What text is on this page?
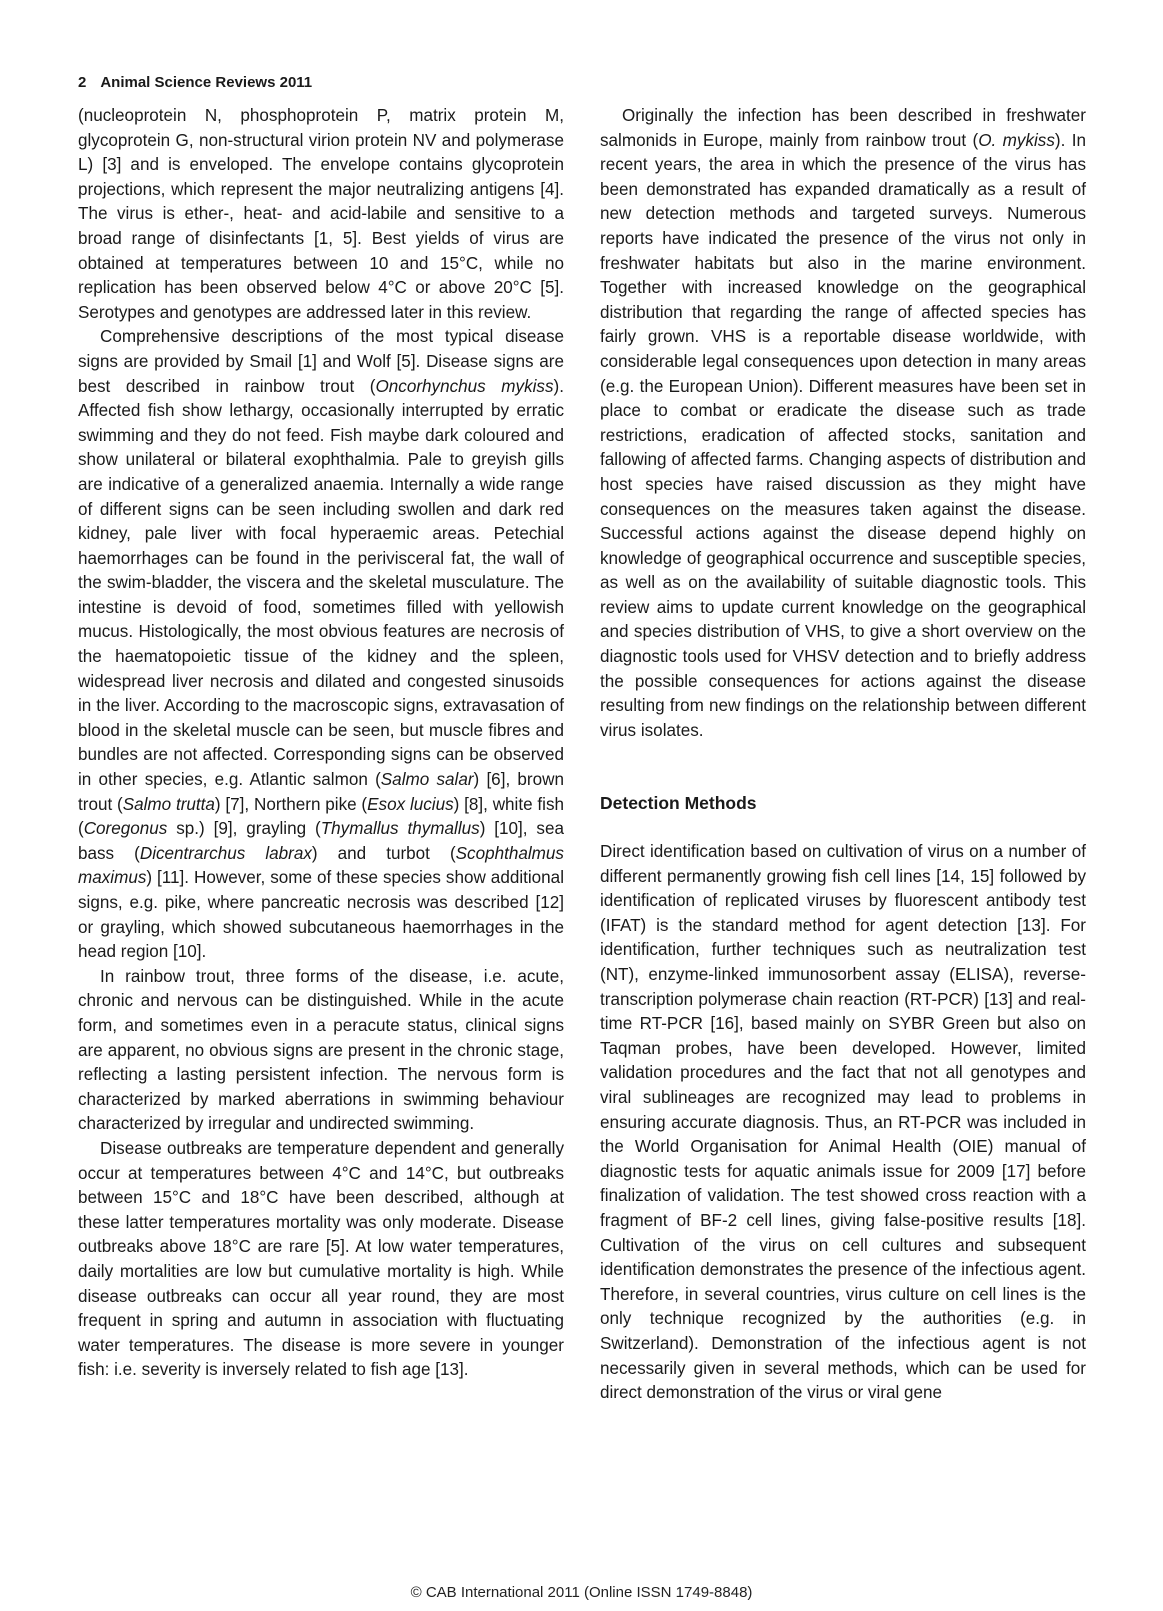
2 Animal Science Reviews 2011

(nucleoprotein N, phosphoprotein P, matrix protein M, glycoprotein G, non-structural virion protein NV and polymerase L) [3] and is enveloped. The envelope contains glycoprotein projections, which represent the major neutralizing antigens [4]. The virus is ether-, heat- and acid-labile and sensitive to a broad range of disinfectants [1, 5]. Best yields of virus are obtained at temperatures between 10 and 15°C, while no replication has been observed below 4°C or above 20°C [5]. Serotypes and genotypes are addressed later in this review.

Comprehensive descriptions of the most typical disease signs are provided by Smail [1] and Wolf [5]. Disease signs are best described in rainbow trout (Oncorhynchus mykiss). Affected fish show lethargy, occasionally interrupted by erratic swimming and they do not feed. Fish maybe dark coloured and show unilateral or bilateral exophthalmia. Pale to greyish gills are indicative of a generalized anaemia. Internally a wide range of different signs can be seen including swollen and dark red kidney, pale liver with focal hyperaemic areas. Petechial haemorrhages can be found in the perivisceral fat, the wall of the swim-bladder, the viscera and the skeletal musculature. The intestine is devoid of food, sometimes filled with yellowish mucus. Histologically, the most obvious features are necrosis of the haematopoietic tissue of the kidney and the spleen, widespread liver necrosis and dilated and congested sinusoids in the liver. According to the macroscopic signs, extravasation of blood in the skeletal muscle can be seen, but muscle fibres and bundles are not affected. Corresponding signs can be observed in other species, e.g. Atlantic salmon (Salmo salar) [6], brown trout (Salmo trutta) [7], Northern pike (Esox lucius) [8], white fish (Coregonus sp.) [9], grayling (Thymallus thymallus) [10], sea bass (Dicentrarchus labrax) and turbot (Scophthalmus maximus) [11]. However, some of these species show additional signs, e.g. pike, where pancreatic necrosis was described [12] or grayling, which showed subcutaneous haemorrhages in the head region [10].

In rainbow trout, three forms of the disease, i.e. acute, chronic and nervous can be distinguished. While in the acute form, and sometimes even in a peracute status, clinical signs are apparent, no obvious signs are present in the chronic stage, reflecting a lasting persistent infection. The nervous form is characterized by marked aberrations in swimming behaviour characterized by irregular and undirected swimming.

Disease outbreaks are temperature dependent and generally occur at temperatures between 4°C and 14°C, but outbreaks between 15°C and 18°C have been described, although at these latter temperatures mortality was only moderate. Disease outbreaks above 18°C are rare [5]. At low water temperatures, daily mortalities are low but cumulative mortality is high. While disease outbreaks can occur all year round, they are most frequent in spring and autumn in association with fluctuating water temperatures. The disease is more severe in younger fish: i.e. severity is inversely related to fish age [13].

Originally the infection has been described in freshwater salmonids in Europe, mainly from rainbow trout (O. mykiss). In recent years, the area in which the presence of the virus has been demonstrated has expanded dramatically as a result of new detection methods and targeted surveys. Numerous reports have indicated the presence of the virus not only in freshwater habitats but also in the marine environment. Together with increased knowledge on the geographical distribution that regarding the range of affected species has fairly grown. VHS is a reportable disease worldwide, with considerable legal consequences upon detection in many areas (e.g. the European Union). Different measures have been set in place to combat or eradicate the disease such as trade restrictions, eradication of affected stocks, sanitation and fallowing of affected farms. Changing aspects of distribution and host species have raised discussion as they might have consequences on the measures taken against the disease. Successful actions against the disease depend highly on knowledge of geographical occurrence and susceptible species, as well as on the availability of suitable diagnostic tools. This review aims to update current knowledge on the geographical and species distribution of VHS, to give a short overview on the diagnostic tools used for VHSV detection and to briefly address the possible consequences for actions against the disease resulting from new findings on the relationship between different virus isolates.

Detection Methods

Direct identification based on cultivation of virus on a number of different permanently growing fish cell lines [14, 15] followed by identification of replicated viruses by fluorescent antibody test (IFAT) is the standard method for agent detection [13]. For identification, further techniques such as neutralization test (NT), enzyme-linked immunosorbent assay (ELISA), reverse-transcription polymerase chain reaction (RT-PCR) [13] and real-time RT-PCR [16], based mainly on SYBR Green but also on Taqman probes, have been developed. However, limited validation procedures and the fact that not all genotypes and viral sublineages are recognized may lead to problems in ensuring accurate diagnosis. Thus, an RT-PCR was included in the World Organisation for Animal Health (OIE) manual of diagnostic tests for aquatic animals issue for 2009 [17] before finalization of validation. The test showed cross reaction with a fragment of BF-2 cell lines, giving false-positive results [18]. Cultivation of the virus on cell cultures and subsequent identification demonstrates the presence of the infectious agent. Therefore, in several countries, virus culture on cell lines is the only technique recognized by the authorities (e.g. in Switzerland). Demonstration of the infectious agent is not necessarily given in several methods, which can be used for direct demonstration of the virus or viral gene

© CAB International 2011 (Online ISSN 1749-8848)
